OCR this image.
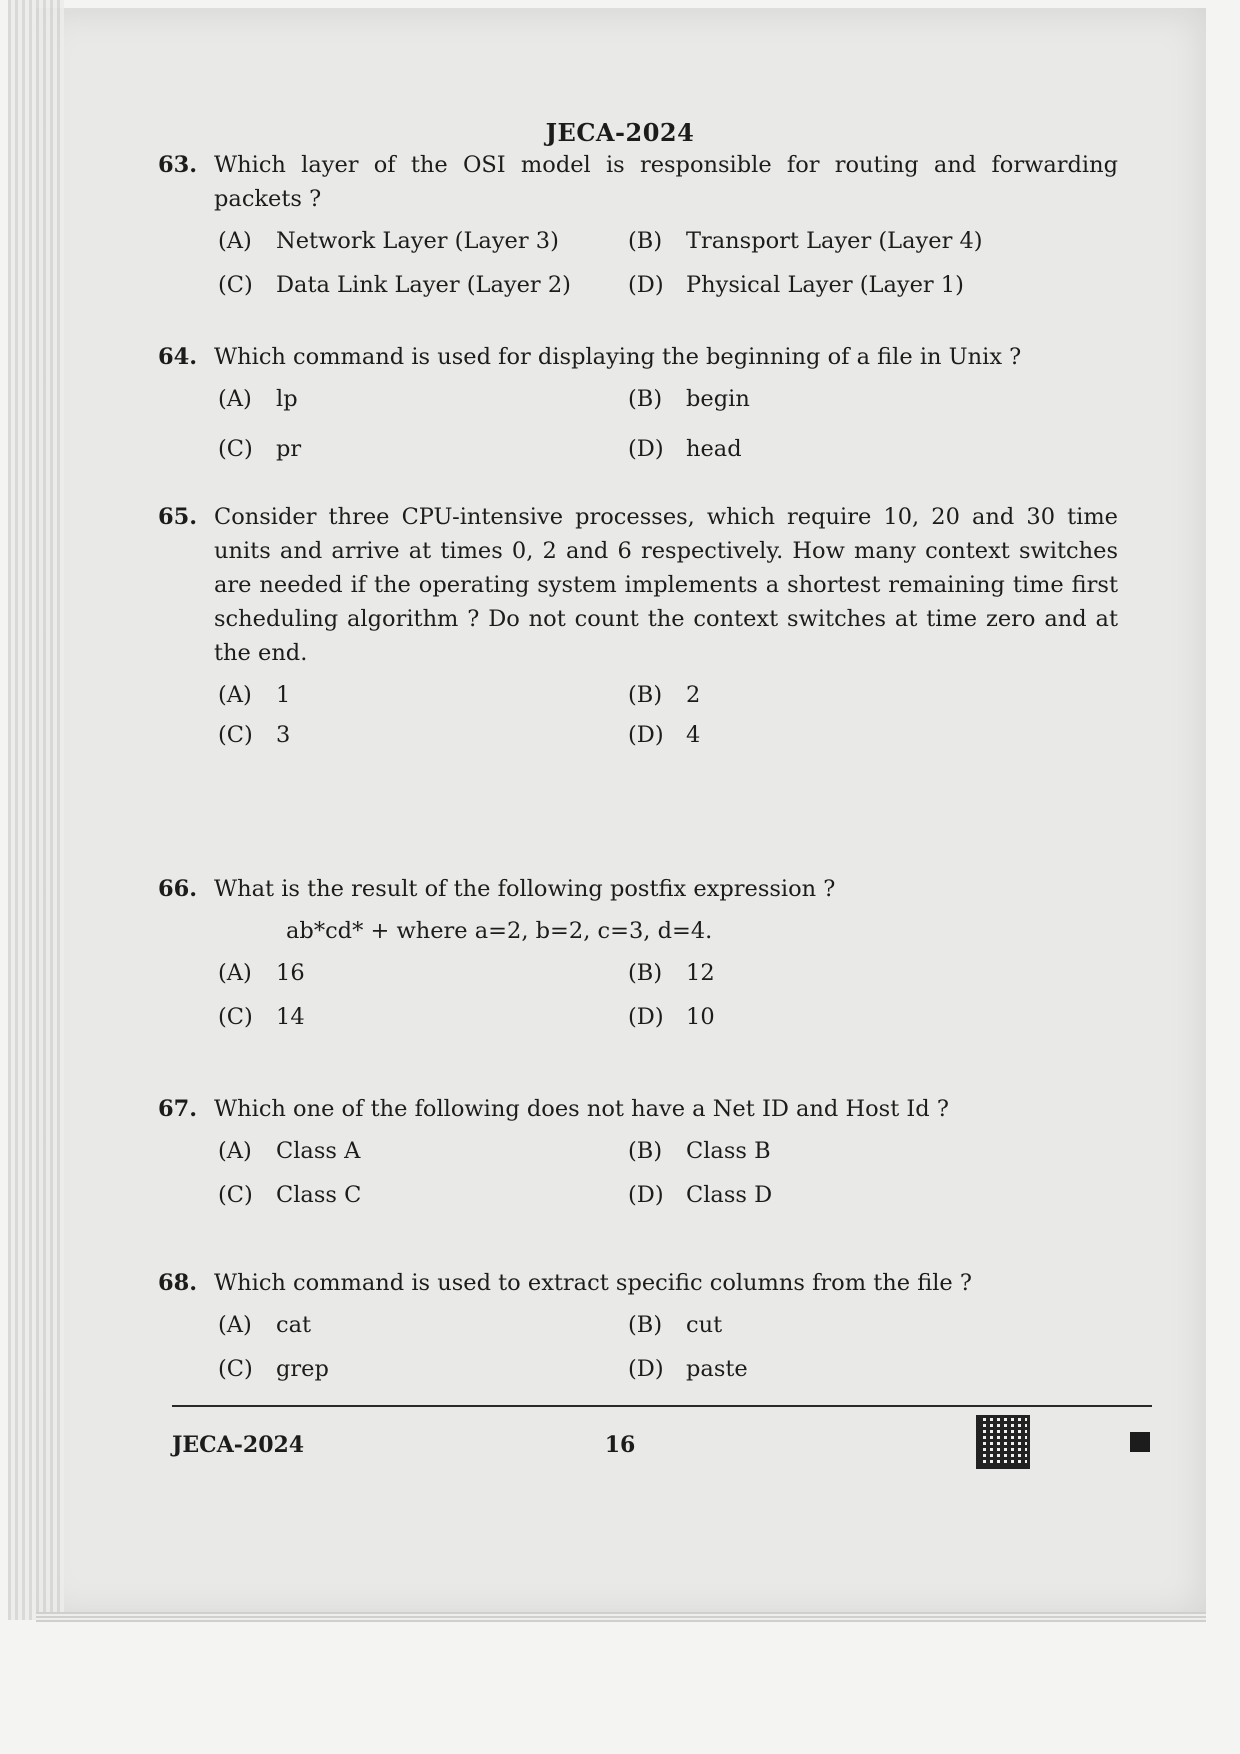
JECA-2024
63. Which layer of the OSI model is responsible for routing and forwarding packets ?
(A)	Network Layer (Layer 3)	(B)	Transport Layer (Layer 4)
(C)	Data Link Layer (Layer 2)	(D) Physical Layer (Layer 1)
64. Which command is used for displaying the beginning of a file in Unix ?
(A)	lp	(B)	begin
(C)	pr	(D) head
65. Consider three CPU-intensive processes, which require 10, 20 and 30 time units and arrive at times 0, 2 and 6 respectively. How many context switches are needed if the operating system implements a shortest remaining time first scheduling algorithm ? Do not count the context switches at time zero and at the end.
(A)	1	(B)	2
(C)	3	(D) 4
66. What is the result of the following postfix expression ?
ab*cd* + where a=2, b=2, c=3, d=4.
(A)	16	(B)	12
(C)	14	(D) 10
67. Which one of the following does not have a Net ID and Host Id ?
(A)	Class A	(B)	Class B
(C)	Class C	(D) Class D
68. Which command is used to extract specific columns from the file ?
(A)	cat	(B)	cut
(C)	grep	(D) paste
JECA-2024	16
